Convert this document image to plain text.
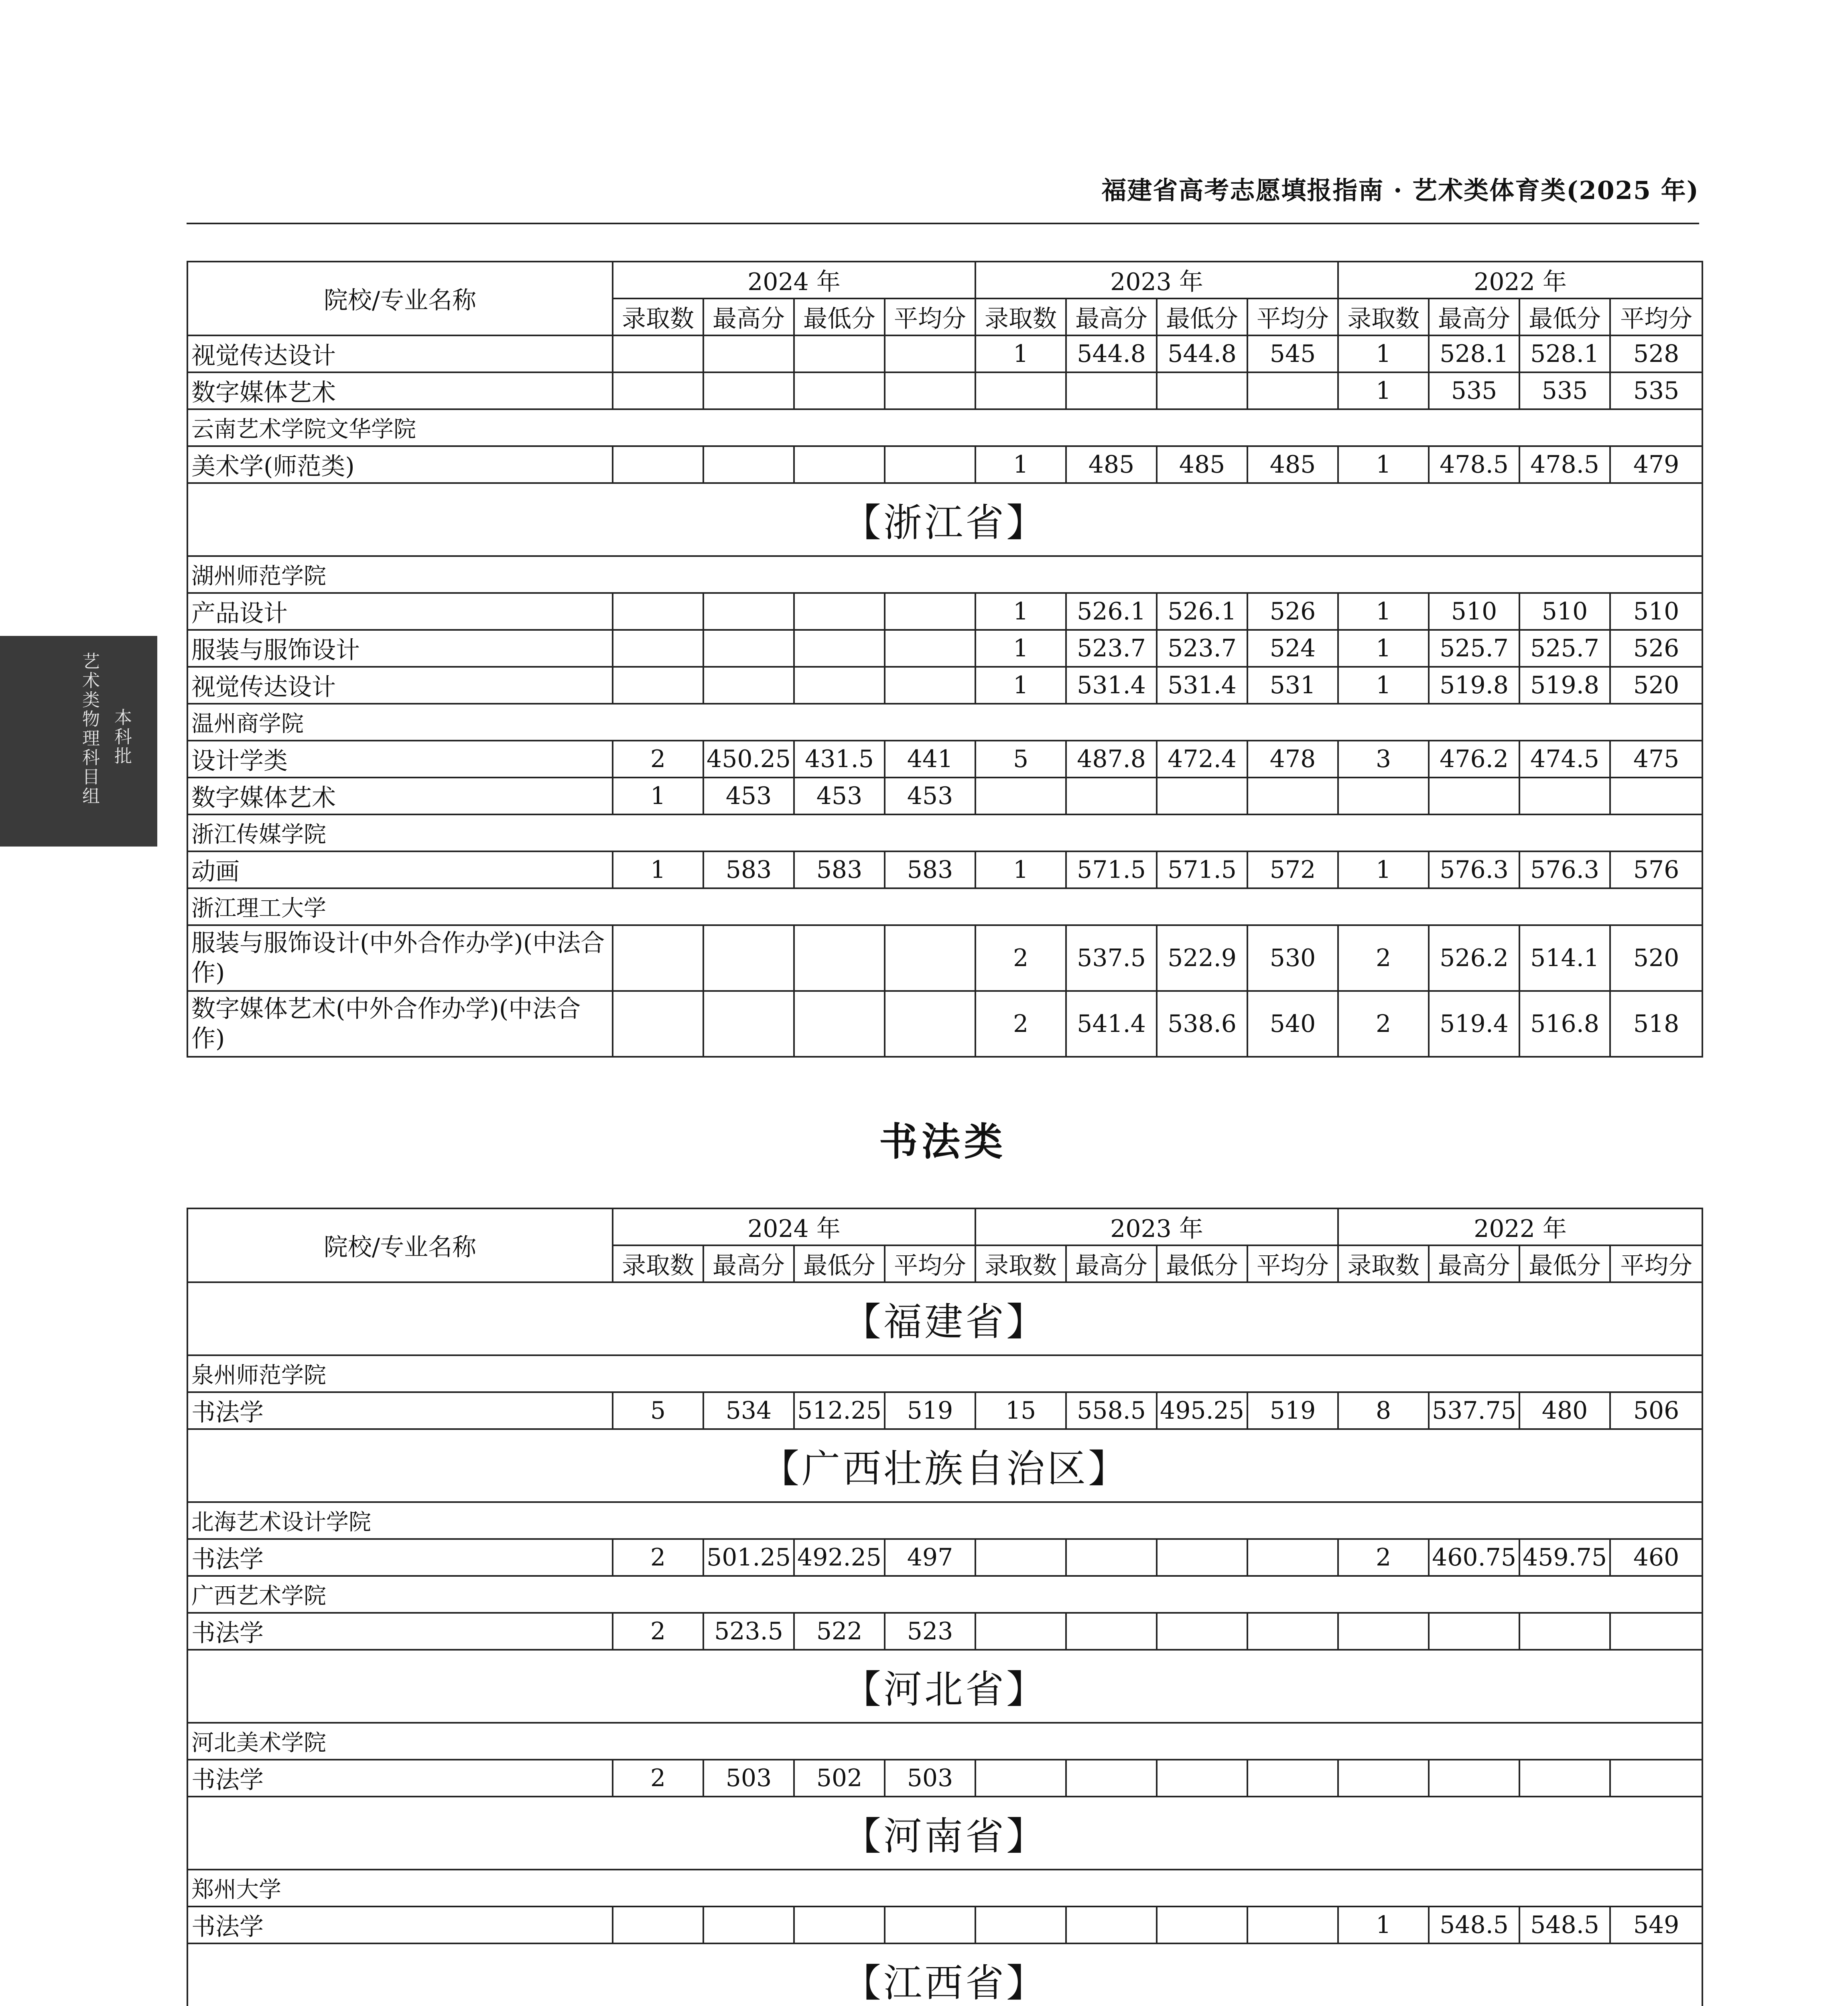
福建省高考志愿填报指南 · 艺术类体育类(2025 年)
本科批
艺术类物理科目组
院校/专业名称	2024 年				2023 年				2022 年			
	录取数	最高分	最低分	平均分	录取数	最高分	最低分	平均分	录取数	最高分	最低分	平均分
视觉传达设计					1	544.8	544.8	545	1	528.1	528.1	528
数字媒体艺术									1	535	535	535
云南艺术学院文华学院												
美术学(师范类)					1	485	485	485	1	478.5	478.5	479
【浙江省】												
湖州师范学院												
产品设计					1	526.1	526.1	526	1	510	510	510
服装与服饰设计					1	523.7	523.7	524	1	525.7	525.7	526
视觉传达设计					1	531.4	531.4	531	1	519.8	519.8	520
温州商学院												
设计学类	2	450.25	431.5	441	5	487.8	472.4	478	3	476.2	474.5	475
数字媒体艺术	1	453	453	453								
浙江传媒学院												
动画	1	583	583	583	1	571.5	571.5	572	1	576.3	576.3	576
浙江理工大学												
服装与服饰设计(中外合作办学)(中法合作)					2	537.5	522.9	530	2	526.2	514.1	520
数字媒体艺术(中外合作办学)(中法合作)					2	541.4	538.6	540	2	519.4	516.8	518
书法类
院校/专业名称	2024 年				2023 年				2022 年			
	录取数	最高分	最低分	平均分	录取数	最高分	最低分	平均分	录取数	最高分	最低分	平均分
【福建省】												
泉州师范学院												
书法学	5	534	512.25	519	15	558.5	495.25	519	8	537.75	480	506
【广西壮族自治区】												
北海艺术设计学院												
书法学	2	501.25	492.25	497					2	460.75	459.75	460
广西艺术学院												
书法学	2	523.5	522	523								
【河北省】												
河北美术学院												
书法学	2	503	502	503								
【河南省】												
郑州大学												
书法学									1	548.5	548.5	549
【江西省】												
